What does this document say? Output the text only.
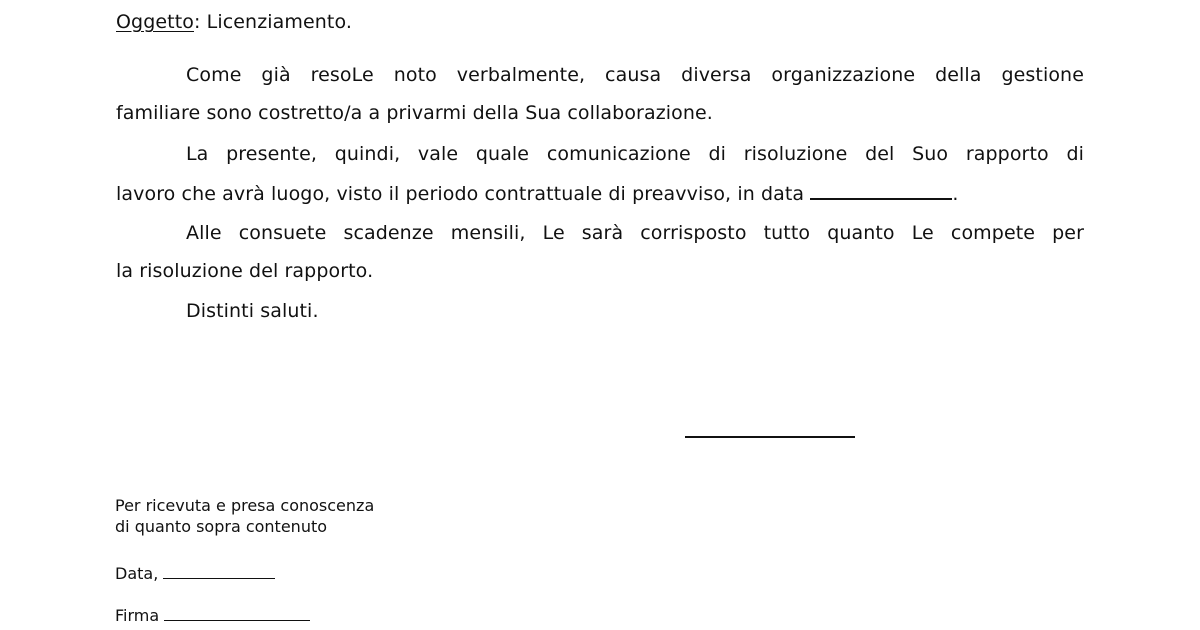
Oggetto: Licenziamento.
Come già resoLe noto verbalmente, causa diversa organizzazione della gestione
familiare sono costretto/a a privarmi della Sua collaborazione.
La presente, quindi, vale quale comunicazione di risoluzione del Suo rapporto di
lavoro che avrà luogo, visto il periodo contrattuale di preavviso, in data	.
Alle consuete scadenze mensili, Le sarà corrisposto tutto quanto Le compete per
la risoluzione del rapporto.
Distinti saluti.
Per ricevuta e presa conoscenza
di quanto sopra contenuto
Data,
Firma
